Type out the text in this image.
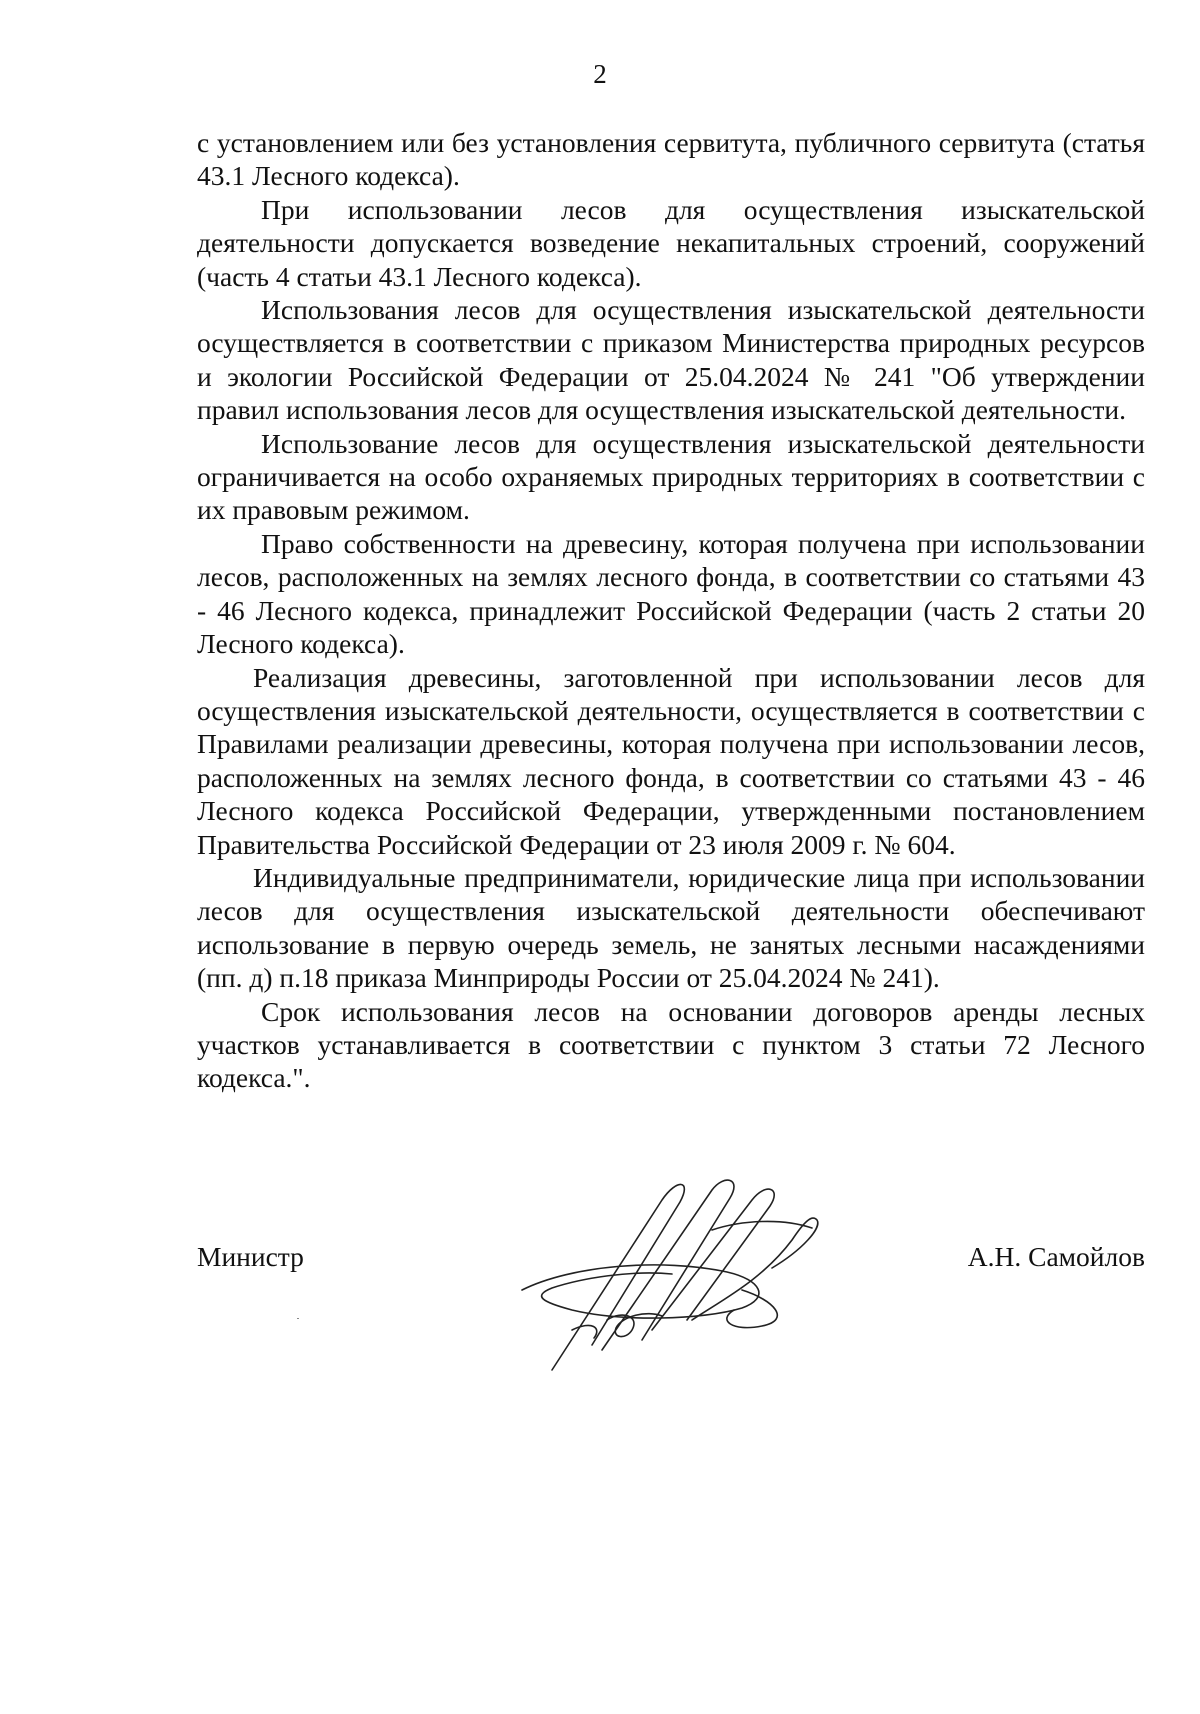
2

с установлением или без установления сервитута, публичного сервитута (статья 43.1 Лесного кодекса).

При использовании лесов для осуществления изыскательской деятельности допускается возведение некапитальных строений, сооружений (часть 4 статьи 43.1 Лесного кодекса).

Использования лесов для осуществления изыскательской деятельности осуществляется в соответствии с приказом Министерства природных ресурсов и экологии Российской Федерации от 25.04.2024 № 241 "Об утверждении правил использования лесов для осуществления изыскательской деятельности.

Использование лесов для осуществления изыскательской деятельности ограничивается на особо охраняемых природных территориях в соответствии с их правовым режимом.

Право собственности на древесину, которая получена при использовании лесов, расположенных на землях лесного фонда, в соответствии со статьями 43 - 46 Лесного кодекса, принадлежит Российской Федерации (часть 2 статьи 20 Лесного кодекса).

Реализация древесины, заготовленной при использовании лесов для осуществления изыскательской деятельности, осуществляется в соответствии с Правилами реализации древесины, которая получена при использовании лесов, расположенных на землях лесного фонда, в соответствии со статьями 43 - 46 Лесного кодекса Российской Федерации, утвержденными постановлением Правительства Российской Федерации от 23 июля 2009 г. № 604.

Индивидуальные предприниматели, юридические лица при использовании лесов для осуществления изыскательской деятельности обеспечивают использование в первую очередь земель, не занятых лесными насаждениями (пп. д) п.18 приказа Минприроды России от 25.04.2024 № 241).

Срок использования лесов на основании договоров аренды лесных участков устанавливается в соответствии с пунктом 3 статьи 72 Лесного кодекса.".

Министр	А.Н. Самойлов
